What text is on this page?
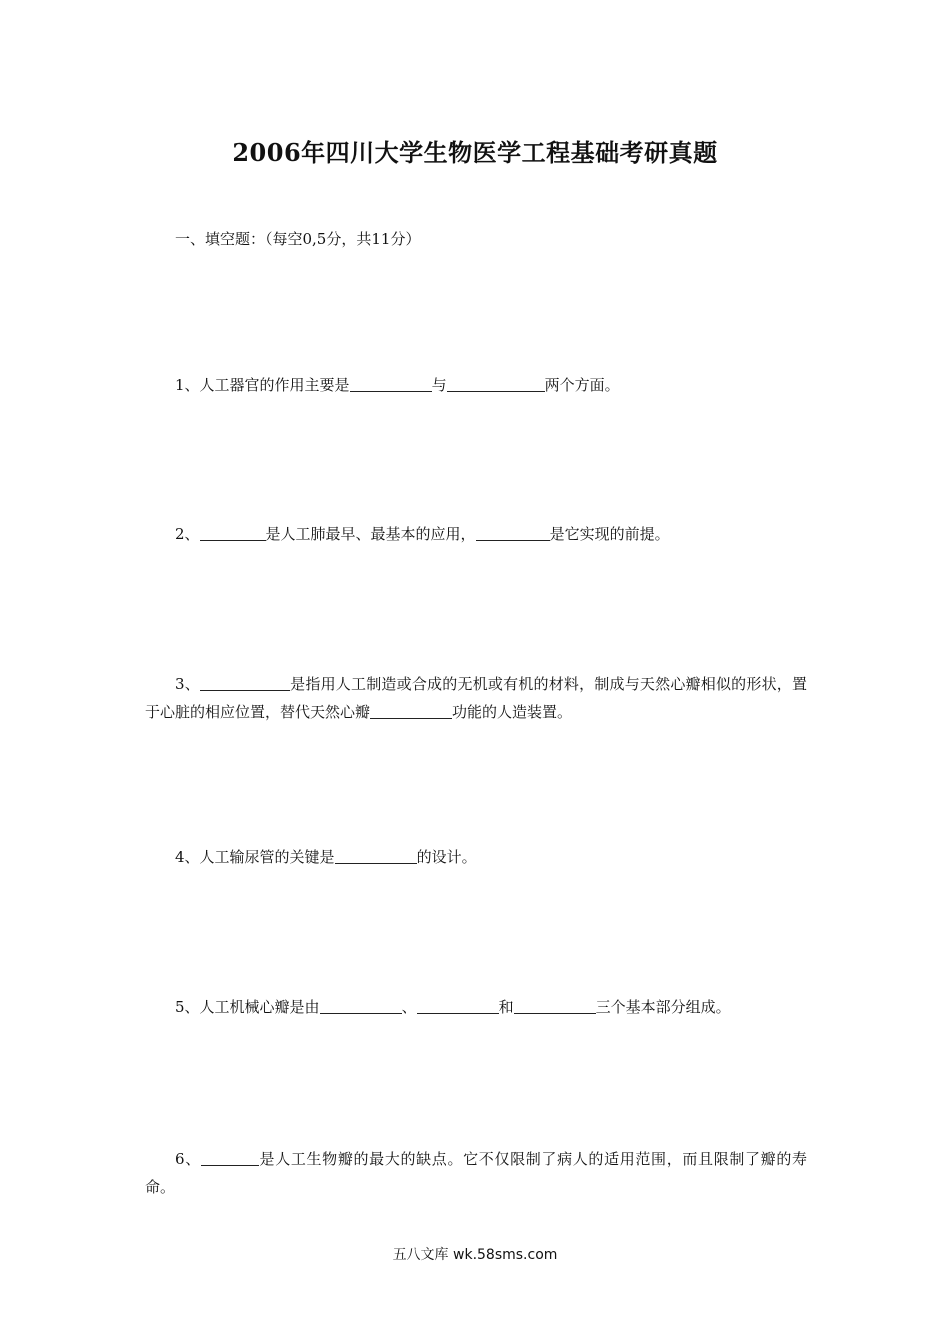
2006年四川大学生物医学工程基础考研真题
一、填空题：（每空0,5分，共11分）
1、人工器官的作用主要是	与	两个方面。
2、	是人工肺最早、最基本的应用，	是它实现的前提。
3、	是指用人工制造或合成的无机或有机的材料，制成与天然心瓣相似的形状，置于心脏的相应位置，替代天然心瓣	功能的人造装置。
4、人工输尿管的关键是	的设计。
5、人工机械心瓣是由	、	和	三个基本部分组成。
6、	是人工生物瓣的最大的缺点。它不仅限制了病人的适用范围，而且限制了瓣的寿命。
五八文库 wk.58sms.com
